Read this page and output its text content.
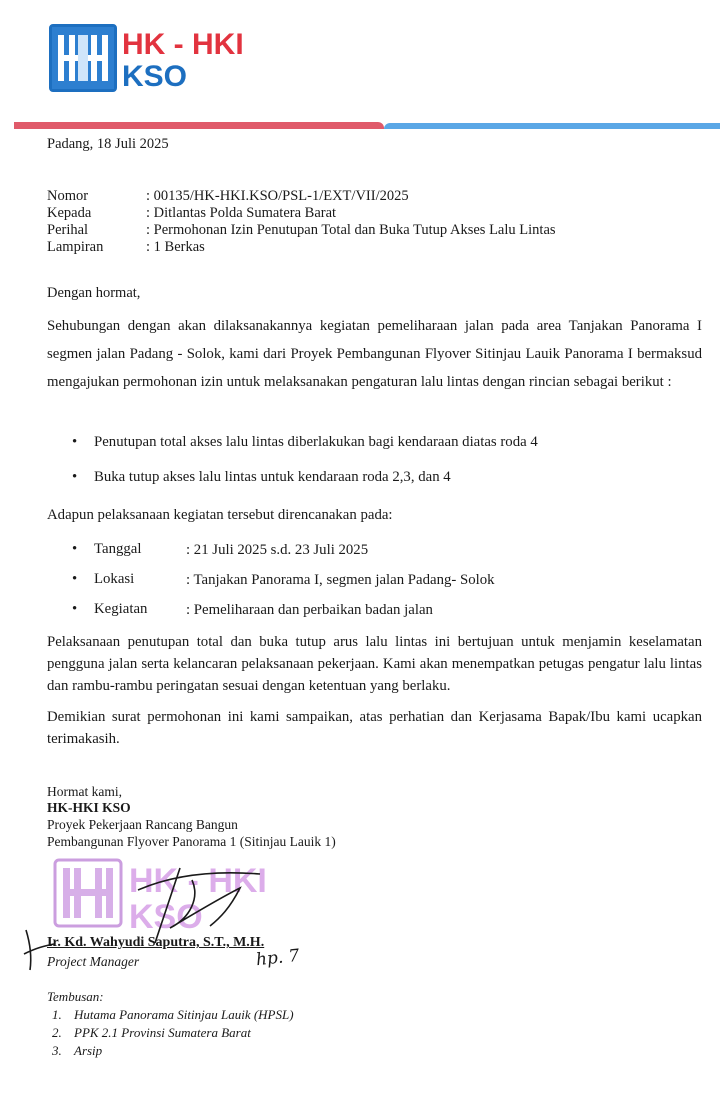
HK - HKI
KSO
Padang, 18 Juli 2025
Nomor	: 00135/HK-HKI.KSO/PSL-1/EXT/VII/2025
Kepada	: Ditlantas Polda Sumatera Barat
Perihal	: Permohonan Izin Penutupan Total dan Buka Tutup Akses Lalu Lintas
Lampiran	: 1 Berkas
Dengan hormat,
Sehubungan dengan akan dilaksanakannya kegiatan pemeliharaan jalan pada area Tanjakan Panorama I segmen jalan Padang - Solok, kami dari Proyek Pembangunan Flyover Sitinjau Lauik Panorama I bermaksud mengajukan permohonan izin untuk melaksanakan pengaturan lalu lintas dengan rincian sebagai berikut :
• Penutupan total akses lalu lintas diberlakukan bagi kendaraan diatas roda 4
• Buka tutup akses lalu lintas untuk kendaraan roda 2,3, dan 4
Adapun pelaksanaan kegiatan tersebut direncanakan pada:
• Tanggal	: 21 Juli 2025 s.d. 23 Juli 2025
• Lokasi	: Tanjakan Panorama I, segmen jalan Padang- Solok
• Kegiatan	: Pemeliharaan dan perbaikan badan jalan
Pelaksanaan penutupan total dan buka tutup arus lalu lintas ini bertujuan untuk menjamin keselamatan pengguna jalan serta kelancaran pelaksanaan pekerjaan. Kami akan menempatkan petugas pengatur lalu lintas dan rambu-rambu peringatan sesuai dengan ketentuan yang berlaku.
Demikian surat permohonan ini kami sampaikan, atas perhatian dan Kerjasama Bapak/Ibu kami ucapkan terimakasih.
Hormat kami,
HK-HKI KSO
Proyek Pekerjaan Rancang Bangun
Pembangunan Flyover Panorama 1 (Sitinjau Lauik 1)
HK - HKI
KSO
Ir. Kd. Wahyudi Saputra, S.T., M.H.
Project Manager	hp. 7
Tembusan:
1. Hutama Panorama Sitinjau Lauik (HPSL)
2. PPK 2.1 Provinsi Sumatera Barat
3. Arsip
